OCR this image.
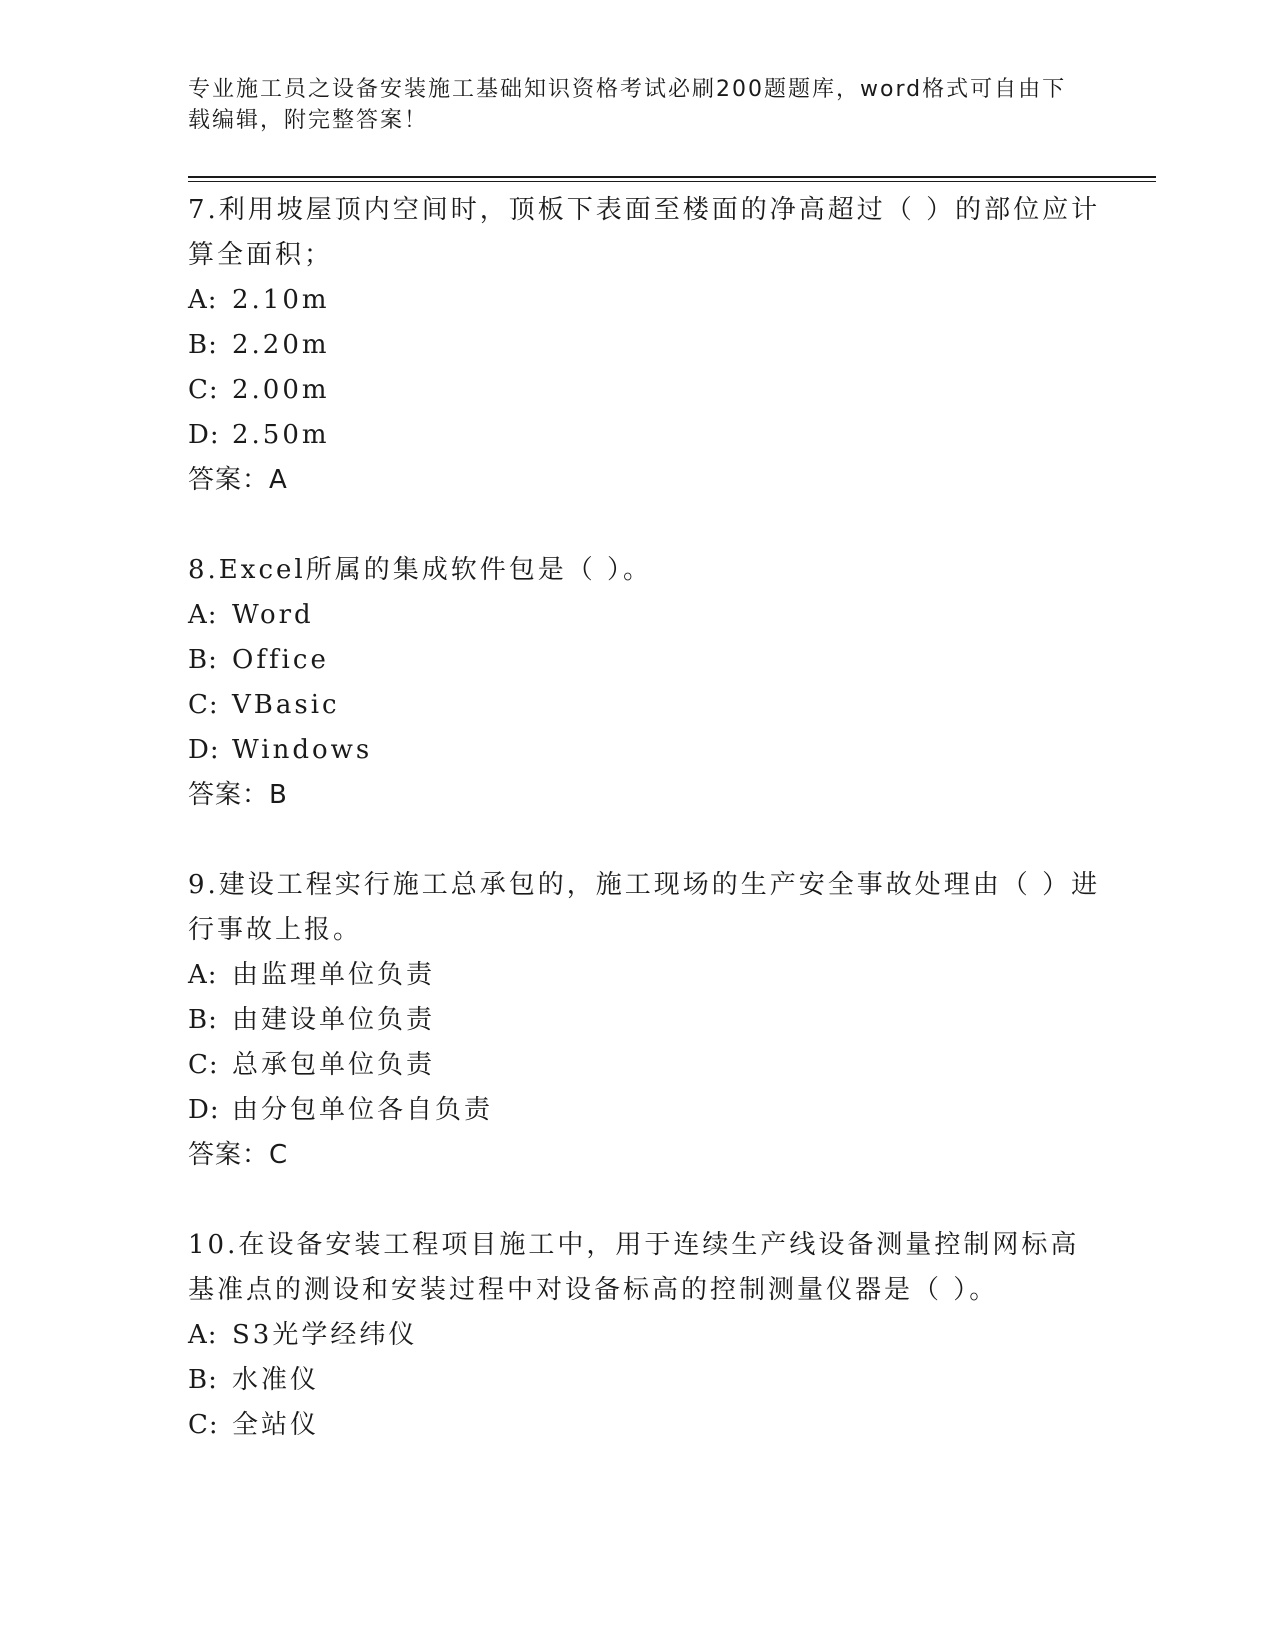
专业施工员之设备安装施工基础知识资格考试必刷200题题库，word格式可自由下载编辑，附完整答案！

7.利用坡屋顶内空间时，顶板下表面至楼面的净高超过（ ）的部位应计算全面积；

A: 2.10m

B: 2.20m

C: 2.00m

D: 2.50m

答案：A

8.Excel所属的集成软件包是（ ）。

A: Word

B: Office

C: VBasic

D: Windows

答案：B

9.建设工程实行施工总承包的，施工现场的生产安全事故处理由（ ）进行事故上报。

A: 由监理单位负责

B: 由建设单位负责

C: 总承包单位负责

D: 由分包单位各自负责

答案：C

10.在设备安装工程项目施工中，用于连续生产线设备测量控制网标高基准点的测设和安装过程中对设备标高的控制测量仪器是（ ）。

A: S3光学经纬仪

B: 水准仪

C: 全站仪
